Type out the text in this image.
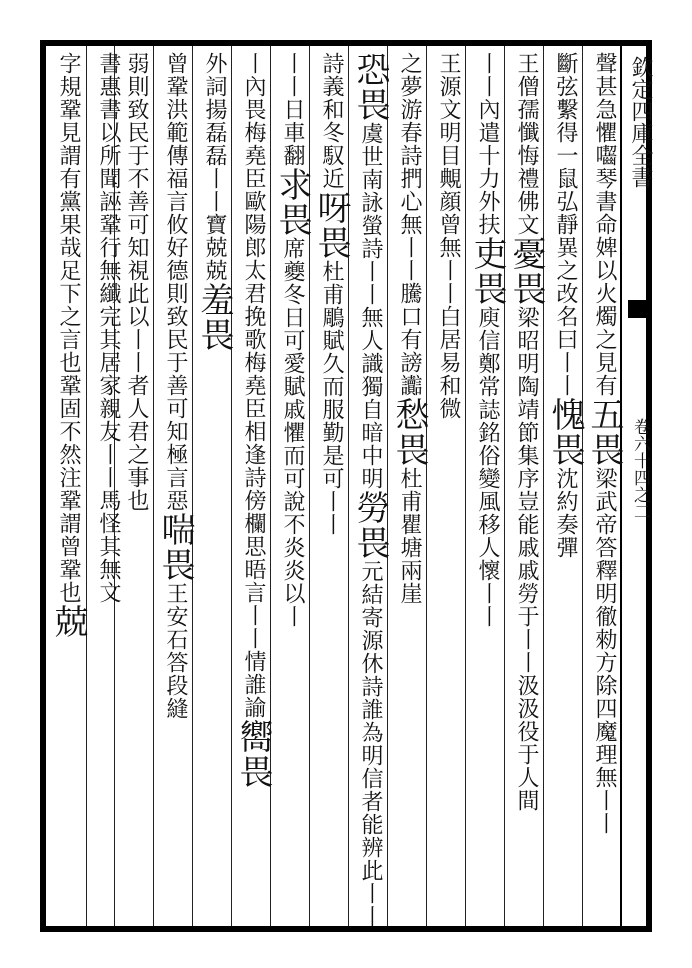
欽定四庫全書
卷六十四之二
聲甚急懼囓琴書命婢以火燭之見有五畏梁武帝答釋明徹勑方除四魔理無丨丨
斷弦繫得一鼠弘靜異之改名曰丨丨愧畏沈約奏彈
王僧孺懺悔禮佛文憂畏梁昭明陶靖節集序豈能戚戚勞于丨丨汲汲役于人間
丨丨內遣十力外扶吏畏庾信鄭常誌銘俗變風移人懷丨丨
王源文明目覥顔曾無丨丨白居易和微
之夢游春詩捫心無丨丨騰口有謗讟愁畏杜甫瞿塘兩崖
恐畏虞世南詠螢詩丨丨無人識獨自暗中明勞畏元結寄源休詩誰為明信者能辨此丨丨
詩義和冬馭近呀畏杜甫鵰賦久而服勤是可丨丨
丨丨日車翻求畏席夔冬日可愛賦戚懼而可說不炎炎以丨
丨內畏梅堯臣歐陽郎太君挽歌梅堯臣相逢詩傍欄思晤言丨丨情誰諭嚮畏
外詞揚磊磊丨丨寶兢兢羞畏
曾鞏洪範傳福言攸好德則致民于善可知極言惡喘畏王安石答段縫
弱則致民于不善可知視此以丨丨者人君之事也
書惠書以所聞誣鞏行無纖完其居家親友丨丨馬怪其無文
字規鞏見謂有黨果哉足下之言也鞏固不然注鞏謂曾鞏也兢
